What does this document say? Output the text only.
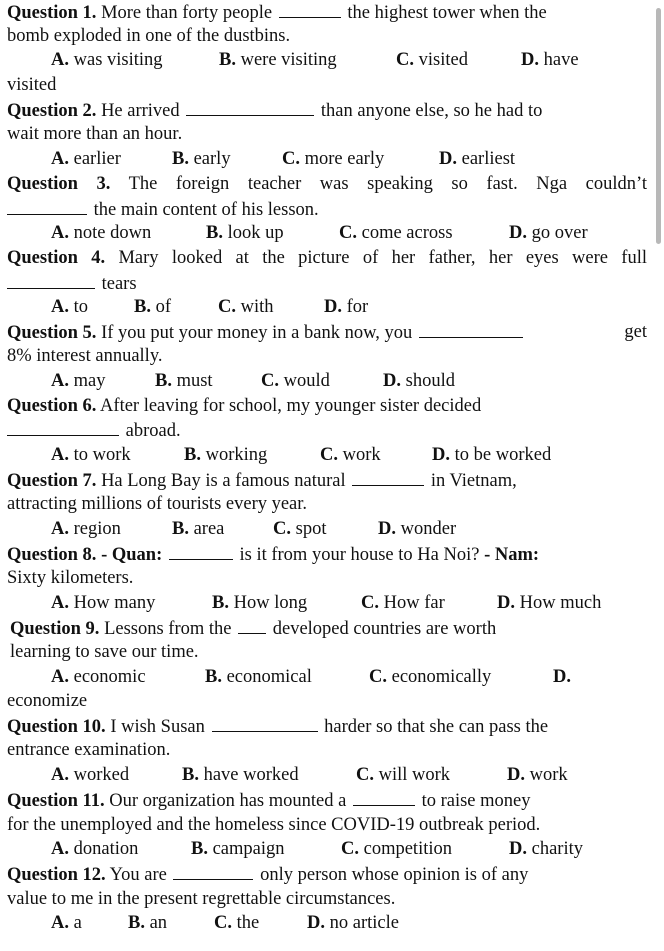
Question 1. More than forty people	the highest tower when the
bomb exploded in one of the dustbins.
A. was visiting	B. were visiting	C. visited	D. have
visited
Question 2. He arrived	than anyone else, so he had to
wait more than an hour.
A. earlier	B. early	C. more early	D. earliest
Question 3. The foreign teacher was speaking so fast. Nga couldn’t
the main content of his lesson.
A. note down	B. look up	C. come across	D. go over
Question 4. Mary looked at the picture of her father, her eyes were full
tears
A. to B. of	C. with	D. for
Question 5. If you put your money in a bank now, you	get
8% interest annually.
A. may	B. must	C. would	D. should
Question 6. After leaving for school, my younger sister decided
abroad.
A. to work	B. working	C. work	D. to be worked
Question 7. Ha Long Bay is a famous natural	in Vietnam,
attracting millions of tourists every year.
A. region	B. area	C. spot	D. wonder
Question 8. - Quan:	is it from your house to Ha Noi? - Nam:
Sixty kilometers.
A. How many	B. How long	C. How far	D. How much
Question 9. Lessons from the developed countries are worth
learning to save our time.
A. economic	B. economical	C. economically	D.
economize
Question 10. I wish Susan	harder so that she can pass the
entrance examination.
A. worked	B. have worked	C. will work	D. work
Question 11. Our organization has mounted a	to raise money
for the unemployed and the homeless since COVID-19 outbreak period.
A. donation	B. campaign	C. competition	D. charity
Question 12. You are	only person whose opinion is of any
value to me in the present regrettable circumstances.
A. a B. an	C. the	D. no article
